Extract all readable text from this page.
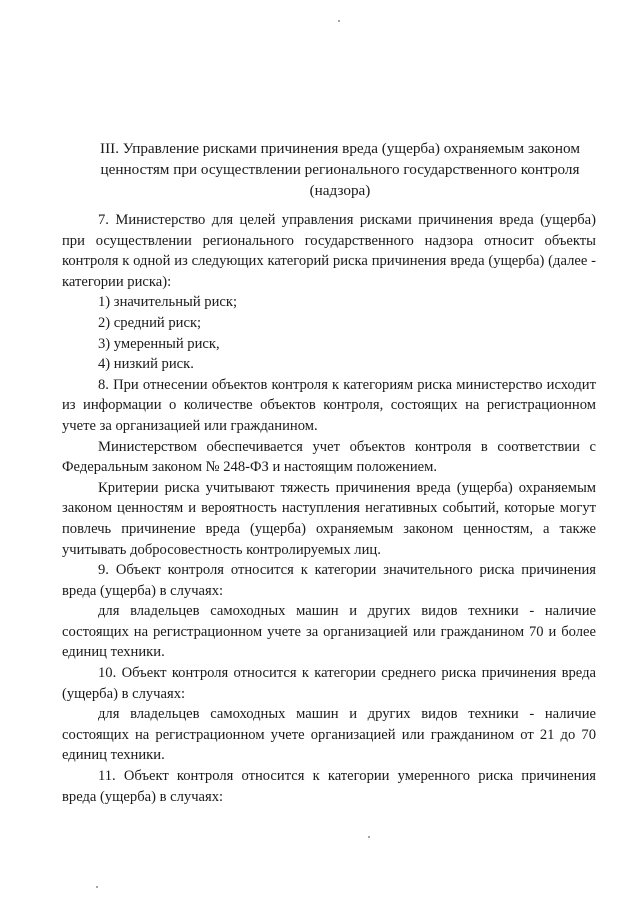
III. Управление рисками причинения вреда (ущерба) охраняемым законом
ценностям при осуществлении регионального государственного контроля
(надзора)

7. Министерство для целей управления рисками причинения вреда (ущерба) при осуществлении регионального государственного надзора относит объекты контроля к одной из следующих категорий риска причинения вреда (ущерба) (далее - категории риска):

1) значительный риск;

2) средний риск;

3) умеренный риск,

4) низкий риск.

8. При отнесении объектов контроля к категориям риска министерство исходит из информации о количестве объектов контроля, состоящих на регистрационном учете за организацией или гражданином.

Министерством обеспечивается учет объектов контроля в соответствии с Федеральным законом № 248-ФЗ и настоящим положением.

Критерии риска учитывают тяжесть причинения вреда (ущерба) охраняемым законом ценностям и вероятность наступления негативных событий, которые могут повлечь причинение вреда (ущерба) охраняемым законом ценностям, а также учитывать добросовестность контролируемых лиц.

9. Объект контроля относится к категории значительного риска причинения вреда (ущерба) в случаях:

для владельцев самоходных машин и других видов техники - наличие состоящих на регистрационном учете за организацией или гражданином 70 и более единиц техники.

10. Объект контроля относится к категории среднего риска причинения вреда (ущерба) в случаях:

для владельцев самоходных машин и других видов техники - наличие состоящих на регистрационном учете организацией или гражданином от 21 до 70 единиц техники.

11. Объект контроля относится к категории умеренного риска причинения вреда (ущерба) в случаях:
